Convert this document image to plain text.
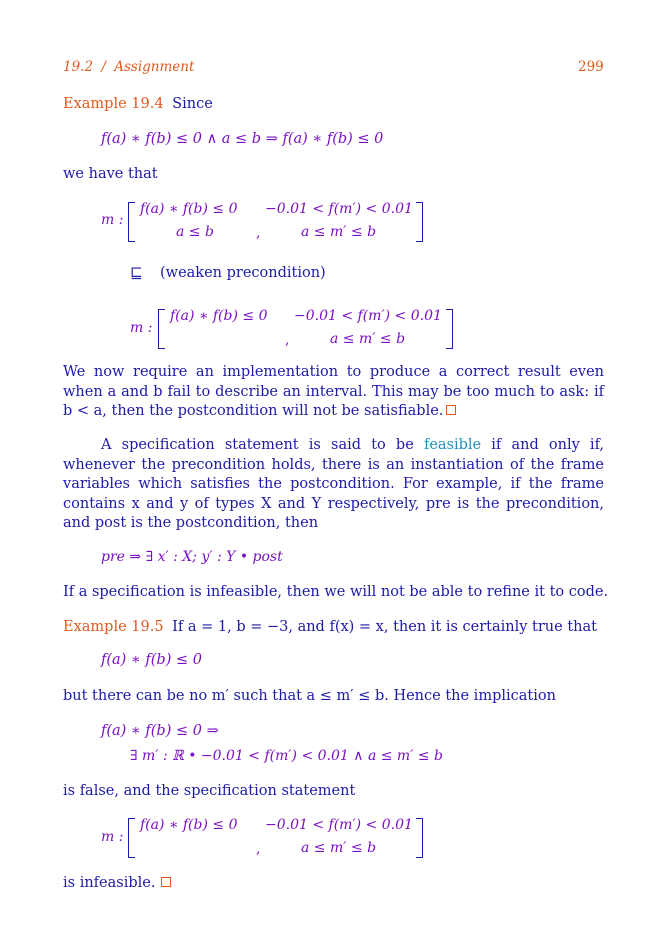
19.2 / Assignment	299
Example 19.4 Since
f(a) ∗ f(b) ≤ 0 ∧ a ≤ b ⇒ f(a) ∗ f(b) ≤ 0
we have that
m :
f(a) ∗ f(b) ≤ 0
a ≤ b	,
−0.01 < f(m′) < 0.01
a ≤ m′ ≤ b
⊑ (weaken precondition)
m :
f(a) ∗ f(b) ≤ 0
,
−0.01 < f(m′) < 0.01
a ≤ m′ ≤ b
We now require an implementation to produce a correct result even when a and b fail to describe an interval. This may be too much to ask: if b < a, then the postcondition will not be satisfiable.
A specification statement is said to be feasible if and only if, whenever the precondition holds, there is an instantiation of the frame variables which satisfies the postcondition. For example, if the frame contains x and y of types X and Y respectively, pre is the precondition, and post is the postcondition, then
pre ⇒ ∃ x′ : X; y′ : Y • post
If a specification is infeasible, then we will not be able to refine it to code.
Example 19.5 If a = 1, b = −3, and f(x) = x, then it is certainly true that
f(a) ∗ f(b) ≤ 0
but there can be no m′ such that a ≤ m′ ≤ b. Hence the implication
f(a) ∗ f(b) ≤ 0 ⇒
∃ m′ : ℝ • −0.01 < f(m′) < 0.01 ∧ a ≤ m′ ≤ b
is false, and the specification statement
m :
f(a) ∗ f(b) ≤ 0
,
−0.01 < f(m′) < 0.01
a ≤ m′ ≤ b
is infeasible.
